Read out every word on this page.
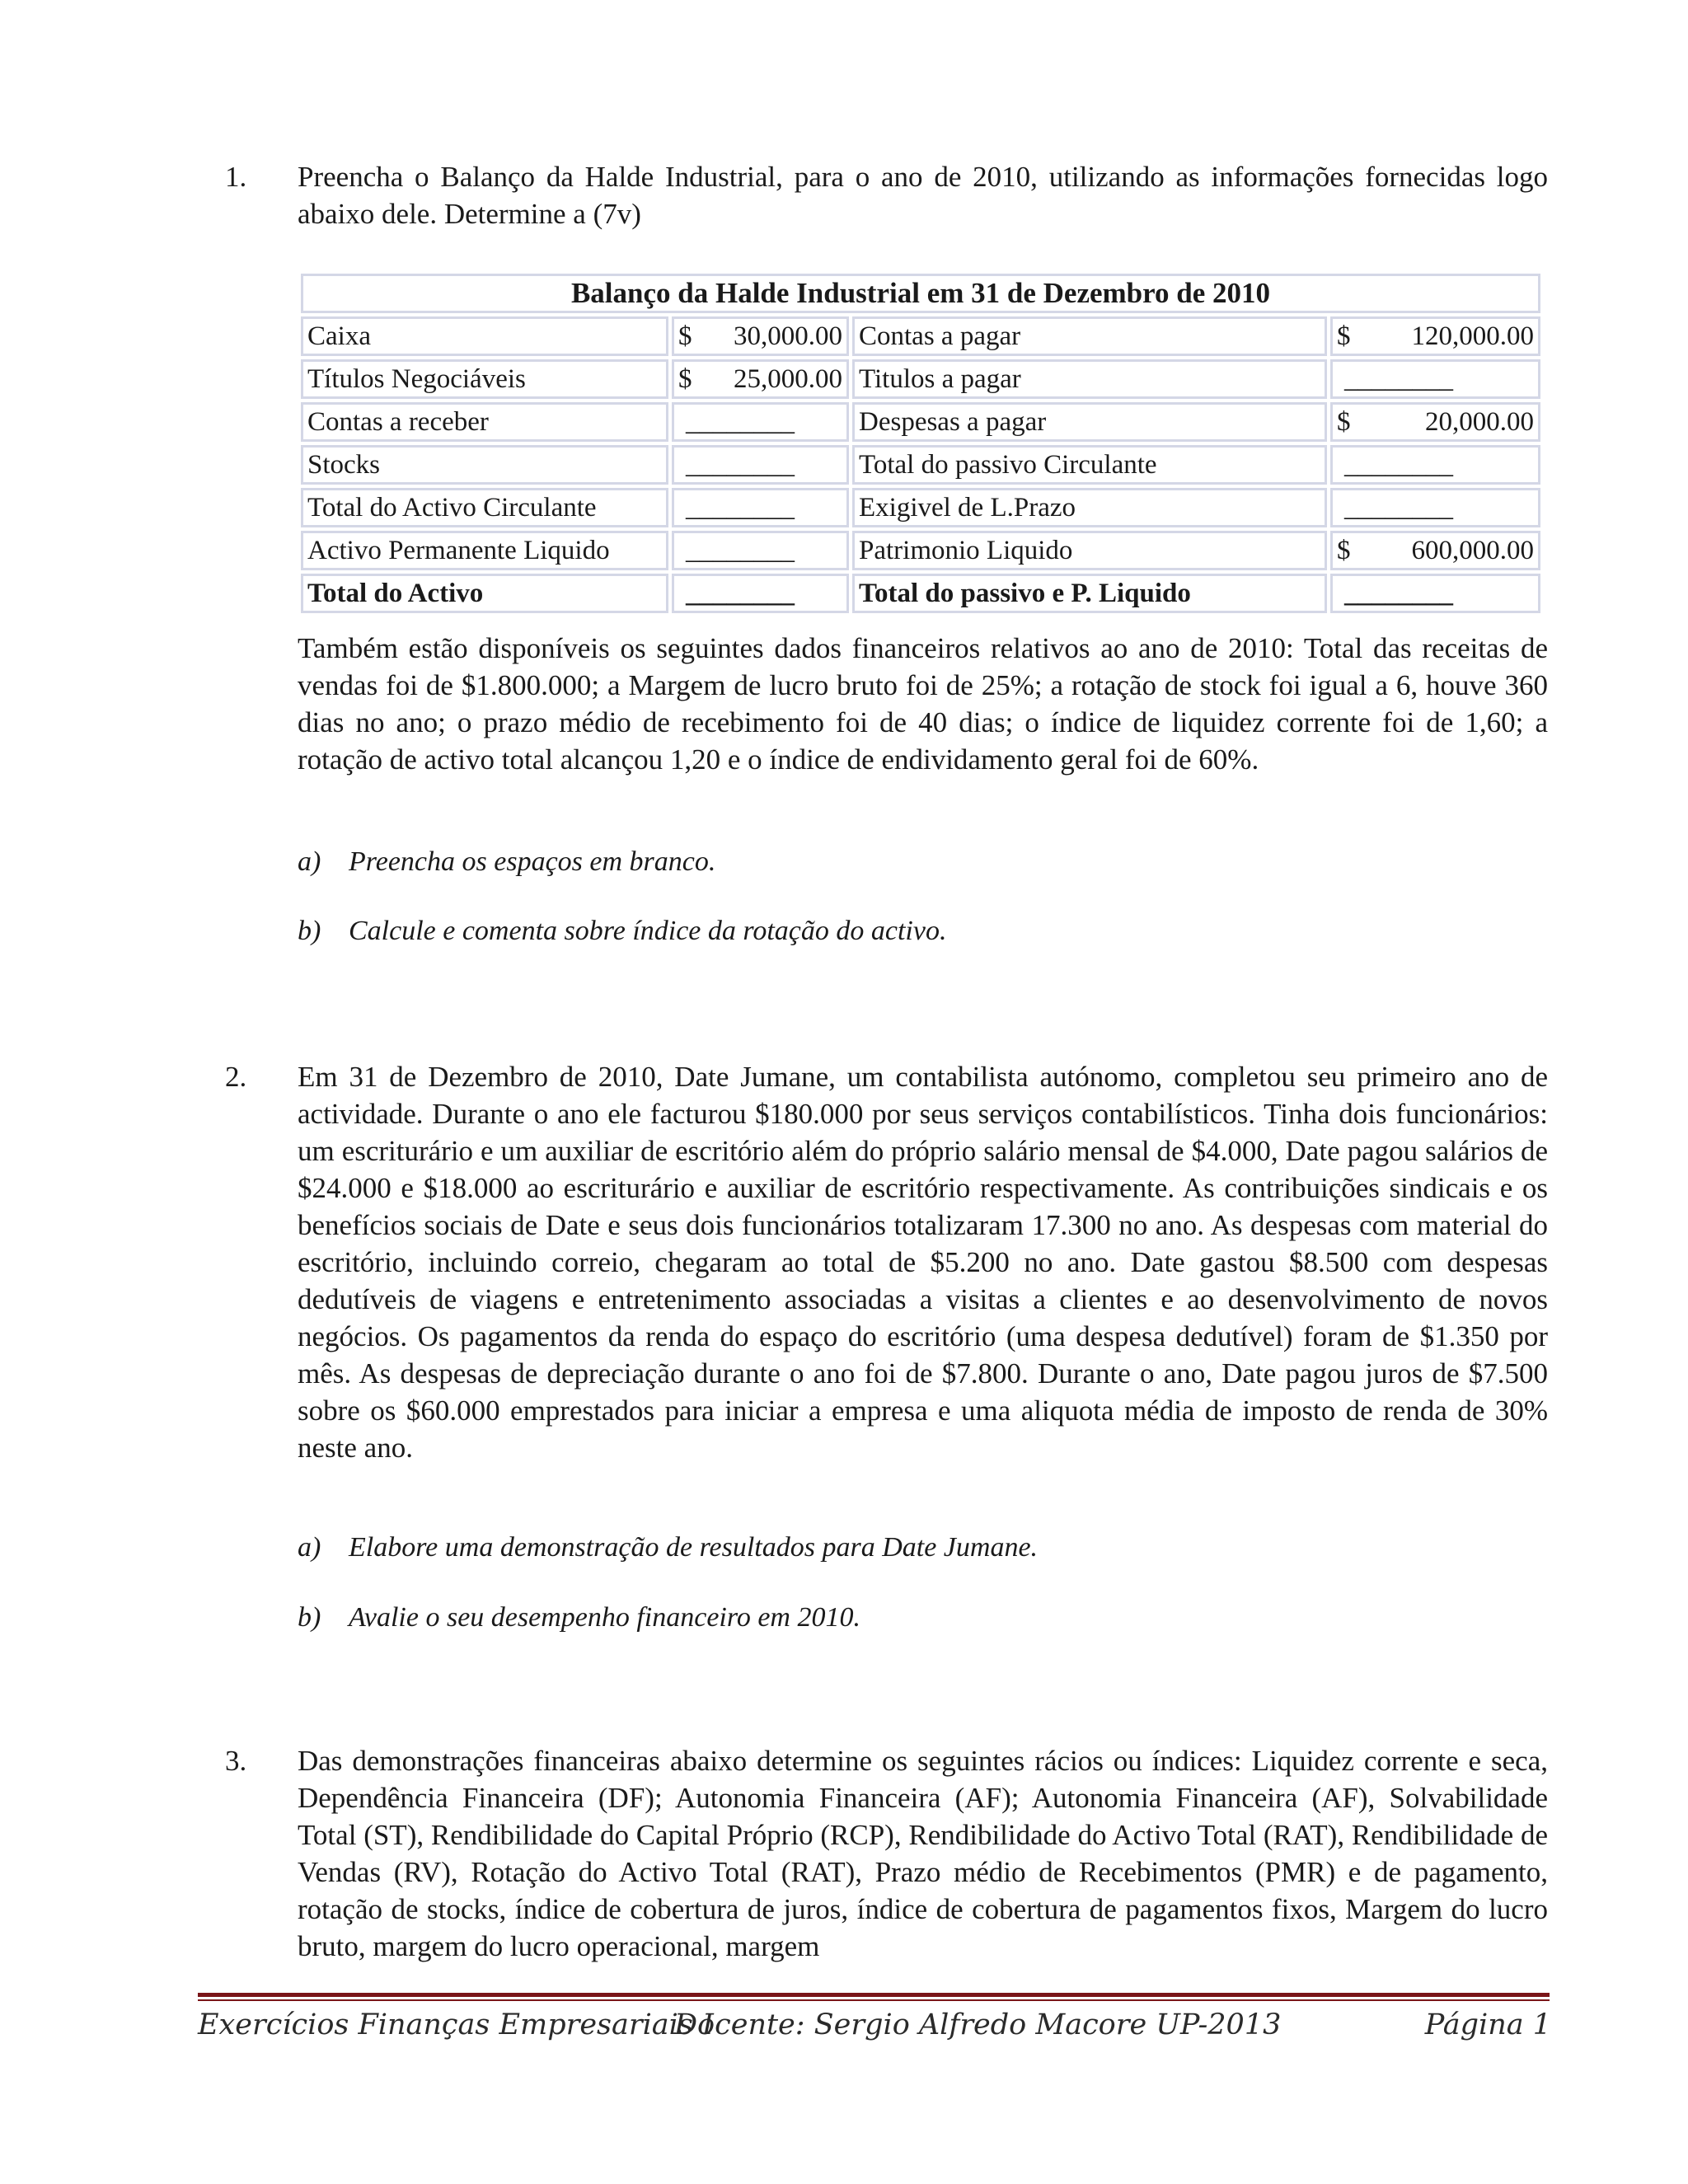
1. Preencha o Balanço da Halde Industrial, para o ano de 2010, utilizando as informações fornecidas logo abaixo dele. Determine a (7v)

Balanço da Halde Industrial em 31 de Dezembro de 2010			
Caixa	$ 30,000.00	Contas a pagar	$ 120,000.00
Títulos Negociáveis	$ 25,000.00	Titulos a pagar	________
Contas a receber	________	Despesas a pagar	$ 20,000.00
Stocks	________	Total do passivo Circulante	________
Total do Activo Circulante	________	Exigivel de L.Prazo	________
Activo Permanente Liquido	________	Patrimonio Liquido	$ 600,000.00
Total do Activo	________	Total do passivo e P. Liquido	________

Também estão disponíveis os seguintes dados financeiros relativos ao ano de 2010: Total das receitas de vendas foi de $1.800.000; a Margem de lucro bruto foi de 25%; a rotação de stock foi igual a 6, houve 360 dias no ano; o prazo médio de recebimento foi de 40 dias; o índice de liquidez corrente foi de 1,60; a rotação de activo total alcançou 1,20 e o índice de endividamento geral foi de 60%.

a) Preencha os espaços em branco.
b) Calcule e comenta sobre índice da rotação do activo.
2. Em 31 de Dezembro de 2010, Date Jumane, um contabilista autónomo, completou seu primeiro ano de actividade. Durante o ano ele facturou $180.000 por seus serviços contabilísticos. Tinha dois funcionários: um escriturário e um auxiliar de escritório além do próprio salário mensal de $4.000, Date pagou salários de $24.000 e $18.000 ao escriturário e auxiliar de escritório respectivamente. As contribuições sindicais e os benefícios sociais de Date e seus dois funcionários totalizaram 17.300 no ano. As despesas com material do escritório, incluindo correio, chegaram ao total de $5.200 no ano. Date gastou $8.500 com despesas dedutíveis de viagens e entretenimento associadas a visitas a clientes e ao desenvolvimento de novos negócios. Os pagamentos da renda do espaço do escritório (uma despesa dedutível) foram de $1.350 por mês. As despesas de depreciação durante o ano foi de $7.800. Durante o ano, Date pagou juros de $7.500 sobre os $60.000 emprestados para iniciar a empresa e uma aliquota média de imposto de renda de 30% neste ano.

a) Elabore uma demonstração de resultados para Date Jumane.
b) Avalie o seu desempenho financeiro em 2010.
3. Das demonstrações financeiras abaixo determine os seguintes rácios ou índices: Liquidez corrente e seca, Dependência Financeira (DF); Autonomia Financeira (AF); Autonomia Financeira (AF), Solvabilidade Total (ST), Rendibilidade do Capital Próprio (RCP), Rendibilidade do Activo Total (RAT), Rendibilidade de Vendas (RV), Rotação do Activo Total (RAT), Prazo médio de Recebimentos (PMR) e de pagamento, rotação de stocks, índice de cobertura de juros, índice de cobertura de pagamentos fixos, Margem do lucro bruto, margem do lucro operacional, margem

Exercícios Finanças Empresariais I
Docente: Sergio Alfredo Macore UP-2013	Página 1
